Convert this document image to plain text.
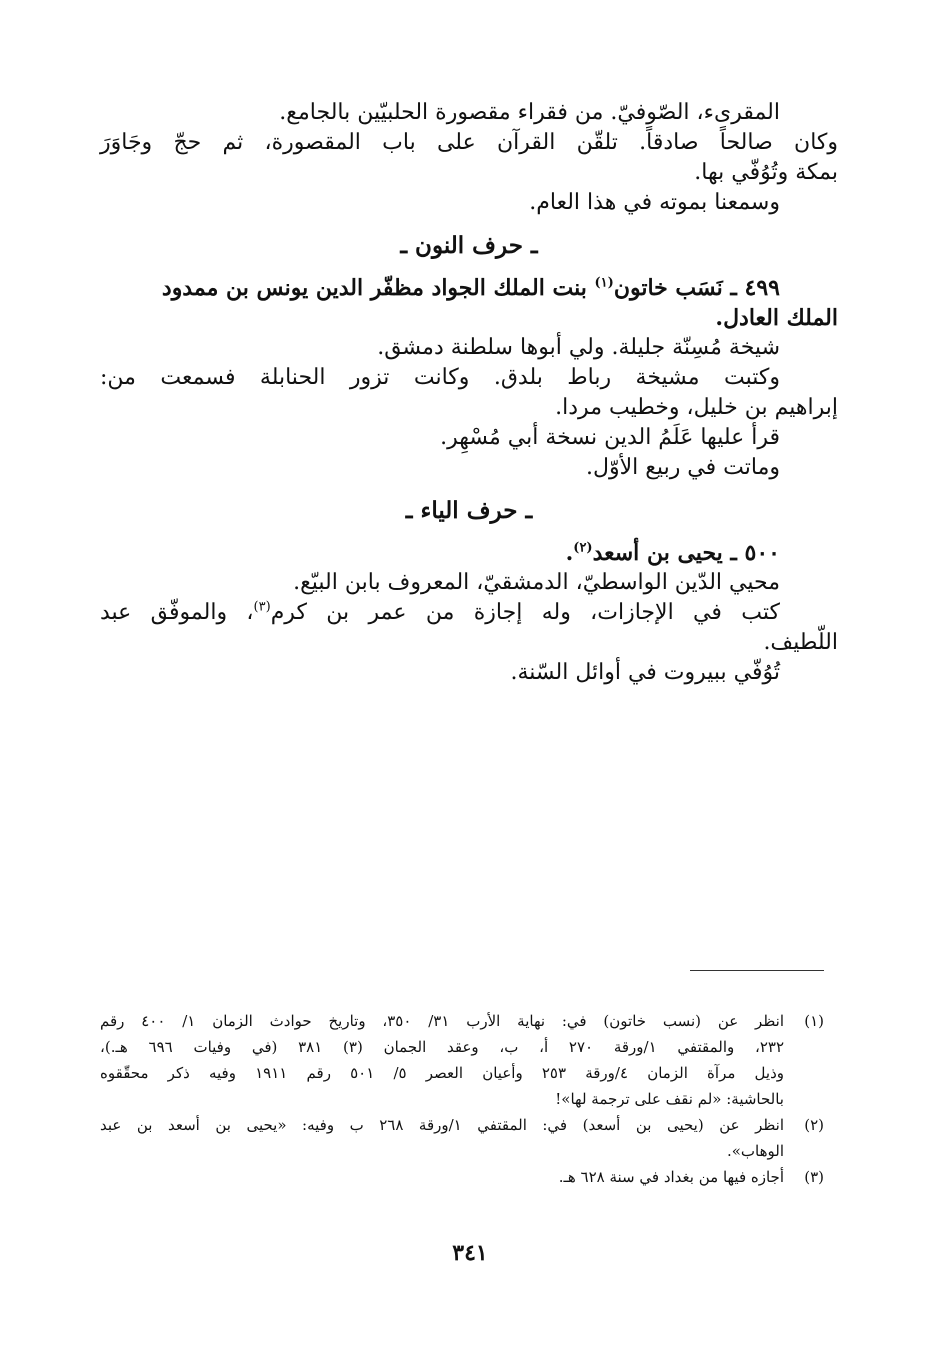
المقرىء، الصّوفيّ. من فقراء مقصورة الحلبيّين بالجامع.
وكان صالحاً صادقاً. تلقّن القرآن على باب المقصورة، ثم حجّ وجَاوَرَ
بمكة وتُوُفّي بها.
وسمعنا بموته في هذا العام.
ـ حرف النون ـ
٤٩٩ ـ نَسَب خاتون$^{(١)}$ بنت الملك الجواد مظفّر الدين يونس بن ممدود
الملك العادل.
شيخة مُسِنّة جليلة. ولي أبوها سلطنة دمشق.
وكتبت مشيخة رباط بلدق. وكانت تزور الحنابلة فسمعت من:
إبراهيم بن خليل، وخطيب مردا.
قرأ عليها عَلَمُ الدين نسخة أبي مُسْهِر.
وماتت في ربيع الأوّل.
ـ حرف الياء ـ
٥٠٠ ـ يحيى بن أسعد$^{(٢)}$.
محيي الدّين الواسطيّ، الدمشقيّ، المعروف بابن البيّع.
كتب في الإجازات، وله إجازة من عمر بن كرم$^{(٣)}$، والموفّق عبد
اللّطيف.
تُوُفّي ببيروت في أوائل السّنة.
(١)
انظر عن (نسب خاتون) في: نهاية الأرب ٣١/ ٣٥٠، وتاريخ حوادث الزمان ١/ ٤٠٠ رقم
٢٣٢، والمقتفي ١/ورقة ٢٧٠ أ، ب، وعقد الجمان (٣) ٣٨١ (في وفيات ٦٩٦ هـ.)،
وذيل مرآة الزمان ٤/ورقة ٢٥٣ وأعيان العصر ٥/ ٥٠١ رقم ١٩١١ وفيه ذكر محقّقوه
بالحاشية: «لم نقف على ترجمة لها»!
(٢)
انظر عن (يحيى بن أسعد) في: المقتفي ١/ورقة ٢٦٨ ب وفيه: «يحيى بن أسعد بن عبد
الوهاب».
(٣)
أجازه فيها من بغداد في سنة ٦٢٨ هـ.
٣٤١
